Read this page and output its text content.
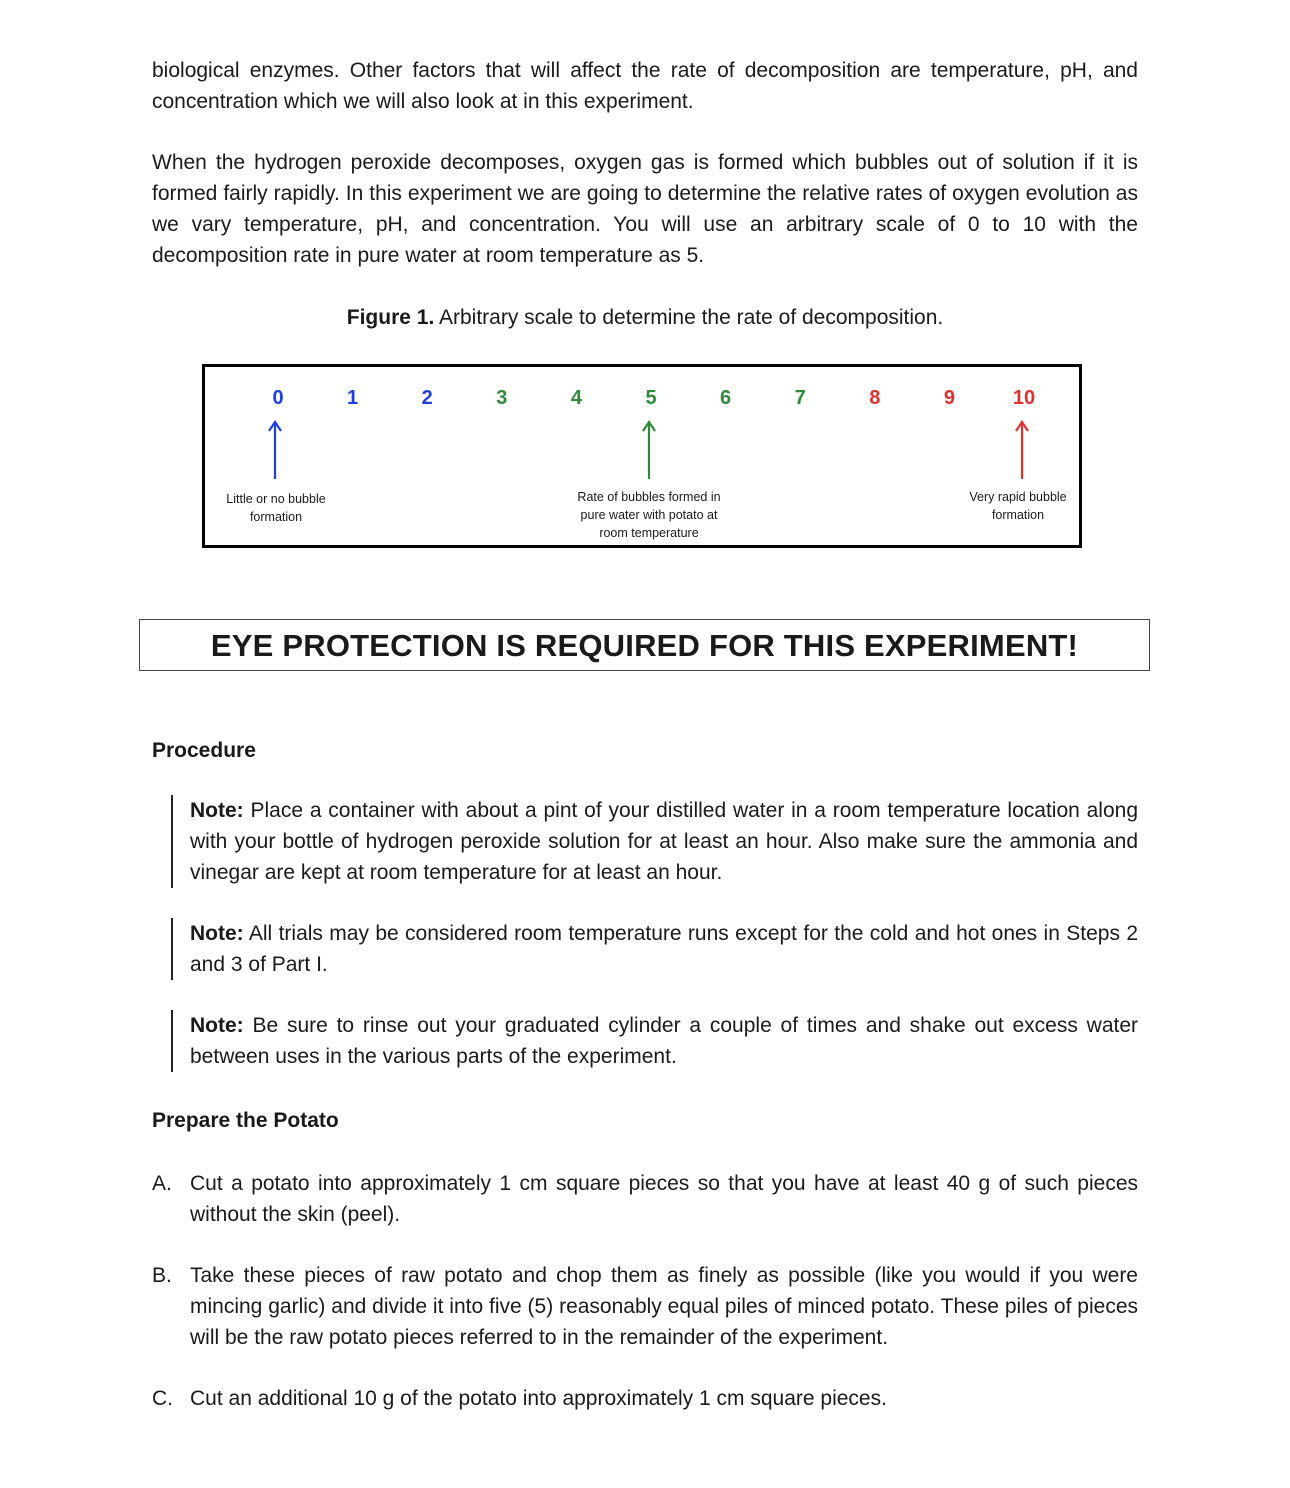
biological enzymes. Other factors that will affect the rate of decomposition are temperature, pH, and concentration which we will also look at in this experiment.

When the hydrogen peroxide decomposes, oxygen gas is formed which bubbles out of solution if it is formed fairly rapidly. In this experiment we are going to determine the relative rates of oxygen evolution as we vary temperature, pH, and concentration. You will use an arbitrary scale of 0 to 10 with the decomposition rate in pure water at room temperature as 5.

Figure 1. Arbitrary scale to determine the rate of decomposition.
Little or no bubble
formation
Rate of bubbles formed in
pure water with potato at
room temperature
Very rapid bubble
formation
0	1	2	3	4	5	6	7	8	9	10
EYE PROTECTION IS REQUIRED FOR THIS EXPERIMENT!
Procedure
Note: Place a container with about a pint of your distilled water in a room temperature location along with your bottle of hydrogen peroxide solution for at least an hour. Also make sure the ammonia and vinegar are kept at room temperature for at least an hour.
Note: All trials may be considered room temperature runs except for the cold and hot ones in Steps 2 and 3 of Part I.
Note: Be sure to rinse out your graduated cylinder a couple of times and shake out excess water between uses in the various parts of the experiment.
Prepare the Potato
A. Cut a potato into approximately 1 cm square pieces so that you have at least 40 g of such pieces without the skin (peel).
B. Take these pieces of raw potato and chop them as finely as possible (like you would if you were mincing garlic) and divide it into five (5) reasonably equal piles of minced potato. These piles of pieces will be the raw potato pieces referred to in the remainder of the experiment.
C. Cut an additional 10 g of the potato into approximately 1 cm square pieces.
